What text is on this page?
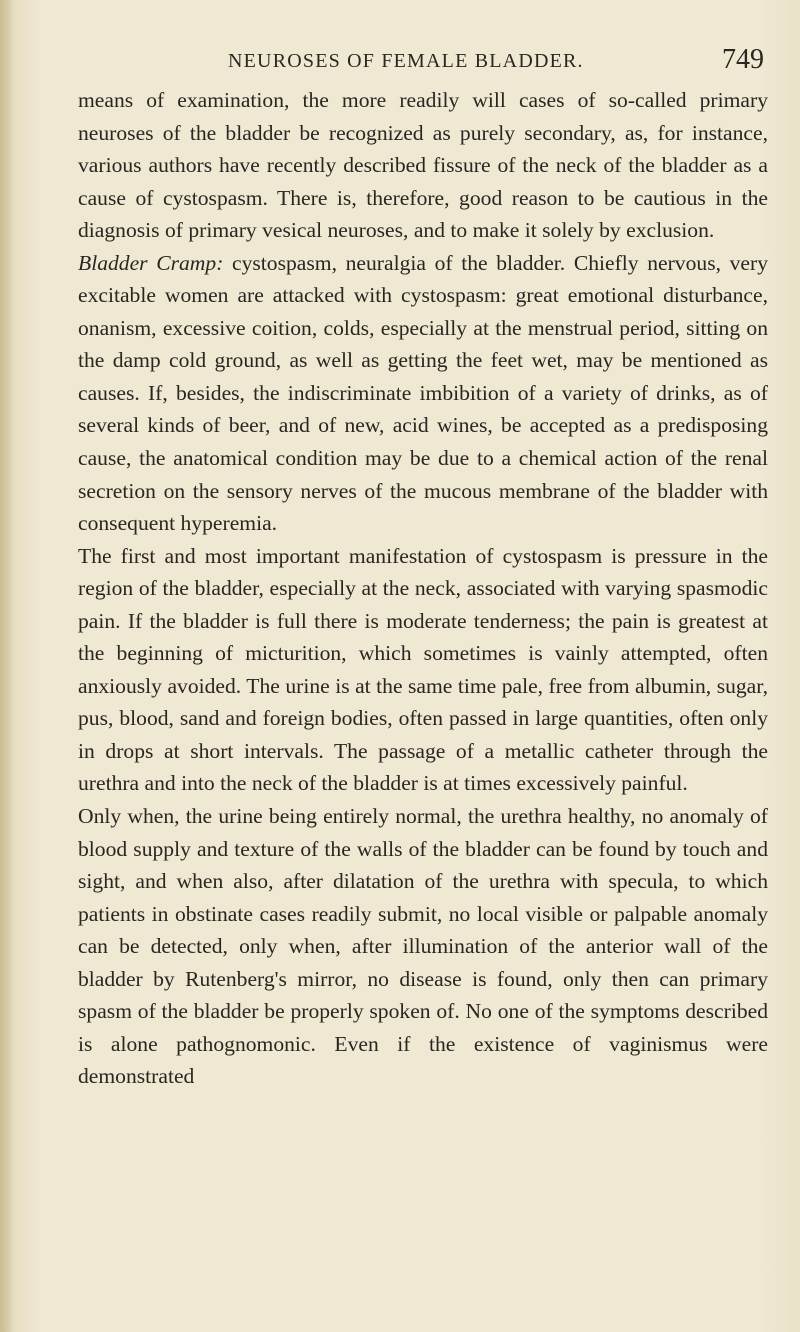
NEUROSES OF FEMALE BLADDER.	749

means of examination, the more readily will cases of so-called primary neuroses of the bladder be recognized as purely secondary, as, for instance, various authors have recently described fissure of the neck of the bladder as a cause of cystospasm. There is, therefore, good reason to be cautious in the diagnosis of primary vesical neuroses, and to make it solely by exclusion.

Bladder Cramp: cystospasm, neuralgia of the bladder. Chiefly nervous, very excitable women are attacked with cystospasm: great emotional disturbance, onanism, excessive coition, colds, especially at the menstrual period, sitting on the damp cold ground, as well as getting the feet wet, may be mentioned as causes. If, besides, the indiscriminate imbibition of a variety of drinks, as of several kinds of beer, and of new, acid wines, be accepted as a predisposing cause, the anatomical condition may be due to a chemical action of the renal secretion on the sensory nerves of the mucous membrane of the bladder with consequent hyperemia.

The first and most important manifestation of cystospasm is pressure in the region of the bladder, especially at the neck, associated with varying spasmodic pain. If the bladder is full there is moderate tenderness; the pain is greatest at the beginning of micturition, which sometimes is vainly attempted, often anxiously avoided. The urine is at the same time pale, free from albumin, sugar, pus, blood, sand and foreign bodies, often passed in large quantities, often only in drops at short intervals. The passage of a metallic catheter through the urethra and into the neck of the bladder is at times excessively painful.

Only when, the urine being entirely normal, the urethra healthy, no anomaly of blood supply and texture of the walls of the bladder can be found by touch and sight, and when also, after dilatation of the urethra with specula, to which patients in obstinate cases readily submit, no local visible or palpable anomaly can be detected, only when, after illumination of the anterior wall of the bladder by Rutenberg's mirror, no disease is found, only then can primary spasm of the bladder be properly spoken of. No one of the symptoms described is alone pathognomonic. Even if the existence of vaginismus were demonstrated
